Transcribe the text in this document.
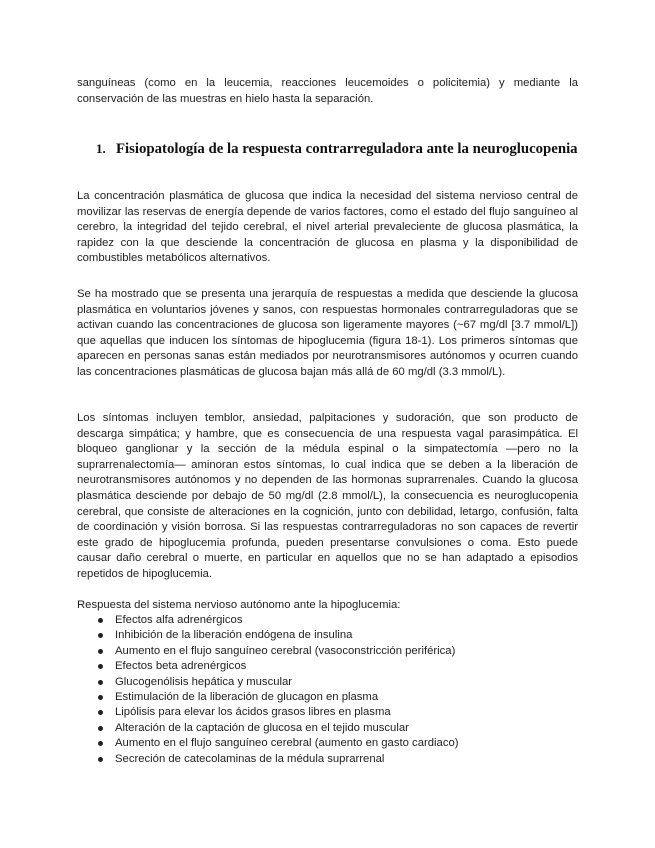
sanguíneas (como en la leucemia, reacciones leucemoides o policitemia) y mediante la conservación de las muestras en hielo hasta la separación.

1. Fisiopatología de la respuesta contrarreguladora ante la neuroglucopenia

La concentración plasmática de glucosa que indica la necesidad del sistema nervioso central de movilizar las reservas de energía depende de varios factores, como el estado del flujo sanguíneo al cerebro, la integridad del tejido cerebral, el nivel arterial prevaleciente de glucosa plasmática, la rapidez con la que desciende la concentración de glucosa en plasma y la disponibilidad de combustibles metabólicos alternativos.

Se ha mostrado que se presenta una jerarquía de respuestas a medida que desciende la glucosa plasmática en voluntarios jóvenes y sanos, con respuestas hormonales contrarreguladoras que se activan cuando las concentraciones de glucosa son ligeramente mayores (~67 mg/dl [3.7 mmol/L]) que aquellas que inducen los síntomas de hipoglucemia (figura 18-1). Los primeros síntomas que aparecen en personas sanas están mediados por neurotransmisores autónomos y ocurren cuando las concentraciones plasmáticas de glucosa bajan más allá de 60 mg/dl (3.3 mmol/L).

Los síntomas incluyen temblor, ansiedad, palpitaciones y sudoración, que son producto de descarga simpática; y hambre, que es consecuencia de una respuesta vagal parasimpática. El bloqueo ganglionar y la sección de la médula espinal o la simpatectomía —pero no la suprarrenalectomía— aminoran estos síntomas, lo cual indica que se deben a la liberación de neurotransmisores autónomos y no dependen de las hormonas suprarrenales. Cuando la glucosa plasmática desciende por debajo de 50 mg/dl (2.8 mmol/L), la consecuencia es neuroglucopenia cerebral, que consiste de alteraciones en la cognición, junto con debilidad, letargo, confusión, falta de coordinación y visión borrosa. Si las respuestas contrarreguladoras no son capaces de revertir este grado de hipoglucemia profunda, pueden presentarse convulsiones o coma. Esto puede causar daño cerebral o muerte, en particular en aquellos que no se han adaptado a episodios repetidos de hipoglucemia.

Respuesta del sistema nervioso autónomo ante la hipoglucemia:

Efectos alfa adrenérgicos
Inhibición de la liberación endógena de insulina
Aumento en el flujo sanguíneo cerebral (vasoconstricción periférica)
Efectos beta adrenérgicos
Glucogenólisis hepática y muscular
Estimulación de la liberación de glucagon en plasma
Lipólisis para elevar los ácidos grasos libres en plasma
Alteración de la captación de glucosa en el tejido muscular
Aumento en el flujo sanguíneo cerebral (aumento en gasto cardiaco)
Secreción de catecolaminas de la médula suprarrenal
